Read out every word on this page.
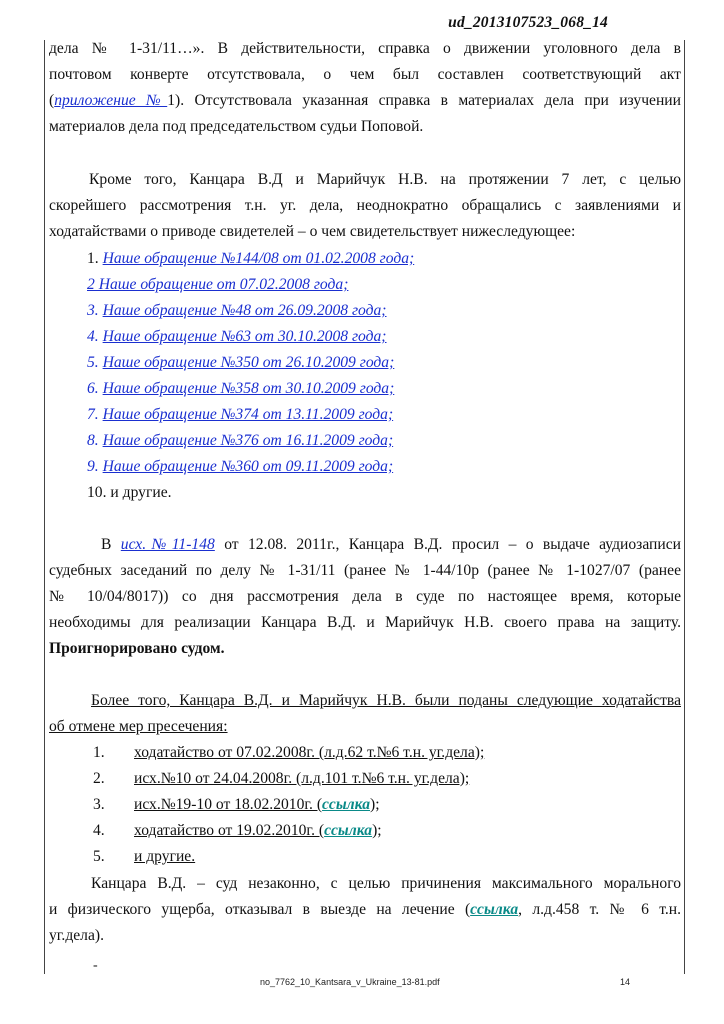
ud_2013107523_068_14
дела № 1-31/11…». В действительности, справка о движении уголовного дела в
почтовом конверте отсутствовала, о чем был составлен соответствующий акт
(приложение №1). Отсутствовала указанная справка в материалах дела при изучении
материалов дела под председательством судьи Поповой.
Кроме того, Канцара В.Д и Марийчук Н.В. на протяжении 7 лет, с целью
скорейшего рассмотрения т.н. уг. дела, неоднократно обращались с заявлениями и
ходатайствами о приводе свидетелей – о чем свидетельствует нижеследующее:
1. Наше обращение №144/08 от 01.02.2008 года;
2 Наше обращение от 07.02.2008 года;
3. Наше обращение №48 от 26.09.2008 года;
4. Наше обращение №63 от 30.10.2008 года;
5. Наше обращение №350 от 26.10.2009 года;
6. Наше обращение №358 от 30.10.2009 года;
7. Наше обращение №374 от 13.11.2009 года;
8. Наше обращение №376 от 16.11.2009 года;
9. Наше обращение №360 от 09.11.2009 года;
10. и другие.
В исх.№11-148 от 12.08. 2011г., Канцара В.Д. просил – о выдаче аудиозаписи
судебных заседаний по делу № 1-31/11 (ранее № 1-44/10р (ранее № 1-1027/07 (ранее
№ 10/04/8017)) со дня рассмотрения дела в суде по настоящее время, которые
необходимы для реализации Канцара В.Д. и Марийчук Н.В. своего права на защиту.
Проигнорировано судом.
Более того, Канцара В.Д. и Марийчук Н.В. были поданы следующие ходатайства
об отмене мер пресечения:
1. ходатайство от 07.02.2008г. (л.д.62 т.№6 т.н. уг.дела);
2. исх.№10 от 24.04.2008г. (л.д.101 т.№6 т.н. уг.дела);
3. исх.№19-10 от 18.02.2010г. (ссылка);
4. ходатайство от 19.02.2010г. (ссылка);
5. и другие.
Канцара В.Д. – суд незаконно, с целью причинения максимального морального
и физического ущерба, отказывал в выезде на лечение (ссылка, л.д.458 т. № 6 т.н.
уг.дела).
-
no_7762_10_Kantsara_v_Ukraine_13-81.pdf	14
